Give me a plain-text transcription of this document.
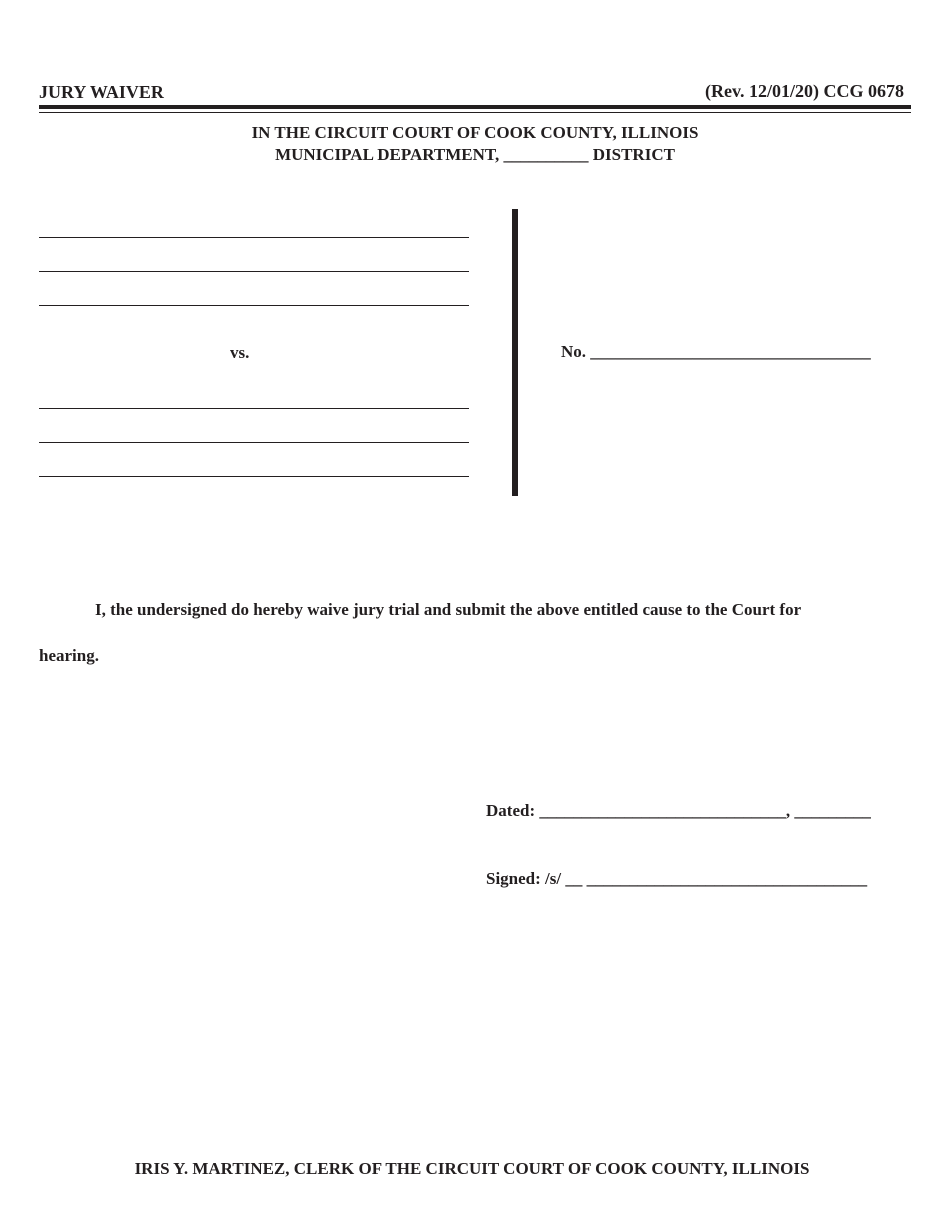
JURY WAIVER	(Rev. 12/01/20) CCG 0678
IN THE CIRCUIT COURT OF COOK COUNTY, ILLINOIS
MUNICIPAL DEPARTMENT, __________ DISTRICT
vs.	No. _________________________________
I, the undersigned do hereby waive jury trial and submit the above entitled cause to the Court for
hearing.
Dated: _____________________________, _________
Signed: /s/ __ _________________________________
IRIS Y. MARTINEZ, CLERK OF THE CIRCUIT COURT OF COOK COUNTY, ILLINOIS
